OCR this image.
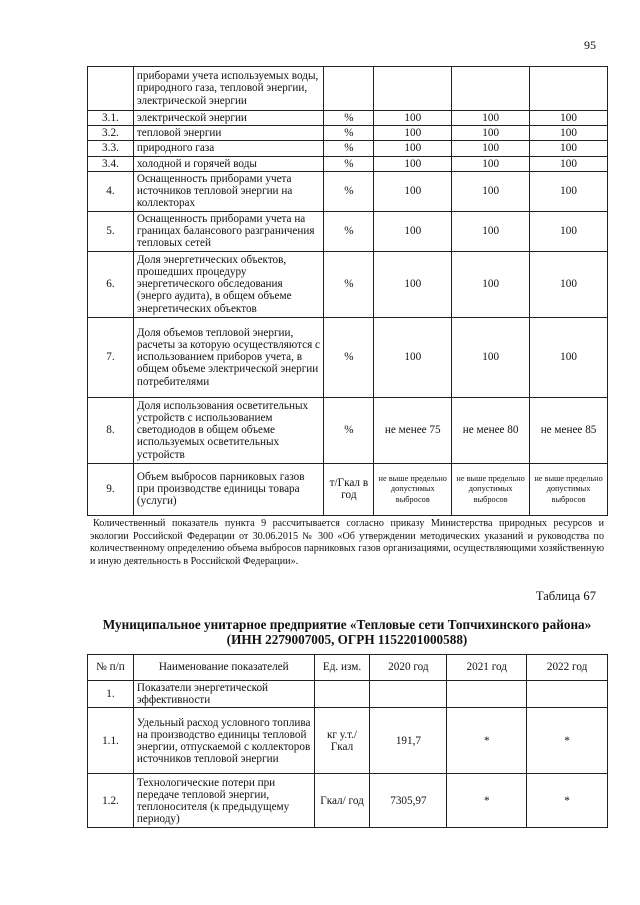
95
	приборами учета используемых воды, природного газа, тепловой энергии, электрической энергии				
3.1.	электрической энергии	%	100	100	100
3.2.	тепловой энергии	%	100	100	100
3.3.	природного газа	%	100	100	100
3.4.	холодной и горячей воды	%	100	100	100
4.	Оснащенность приборами учета источников тепловой энергии на коллекторах	%	100	100	100
5.	Оснащенность приборами учета на границах балансового разграничения тепловых сетей	%	100	100	100
6.	Доля энергетических объектов, прошедших процедуру энергетического обследования (энерго аудита), в общем объеме энергетических объектов	%	100	100	100
7.	Доля объемов тепловой энергии, расчеты за которую осуществляются с использованием приборов учета, в общем объеме электрической энергии потребителями	%	100	100	100
8.	Доля использования осветительных устройств с использованием светодиодов в общем объеме используемых осветительных устройств	%	не менее 75	не менее 80	не менее 85
9.	Объем выбросов парниковых газов при производстве единицы товара (услуги)	т/Гкал в год	не выше предельно допустимых выбросов	не выше предельно допустимых выбросов	не выше предельно допустимых выбросов
Количественный показатель пункта 9 рассчитывается согласно приказу Министерства природных ресурсов и экологии Российской Федерации от 30.06.2015 № 300 «Об утверждении методических указаний и руководства по количественному определению объема выбросов парниковых газов организациями, осуществляющими хозяйственную и иную деятельность в Российской Федерации».
Таблица 67
Муниципальное унитарное предприятие «Тепловые сети Топчихинского района» (ИНН 2279007005, ОГРН 1152201000588)
№ п/п	Наименование показателей	Ед. изм.	2020 год	2021 год	2022 год
1.	Показатели энергетической эффективности				
1.1.	Удельный расход условного топлива на производство единицы тепловой энергии, отпускаемой с коллекторов источников тепловой энергии	кг у.т./ Гкал	191,7	*	*
1.2.	Технологические потери при передаче тепловой энергии, теплоносителя (к предыдущему периоду)	Гкал/ год	7305,97	*	*
